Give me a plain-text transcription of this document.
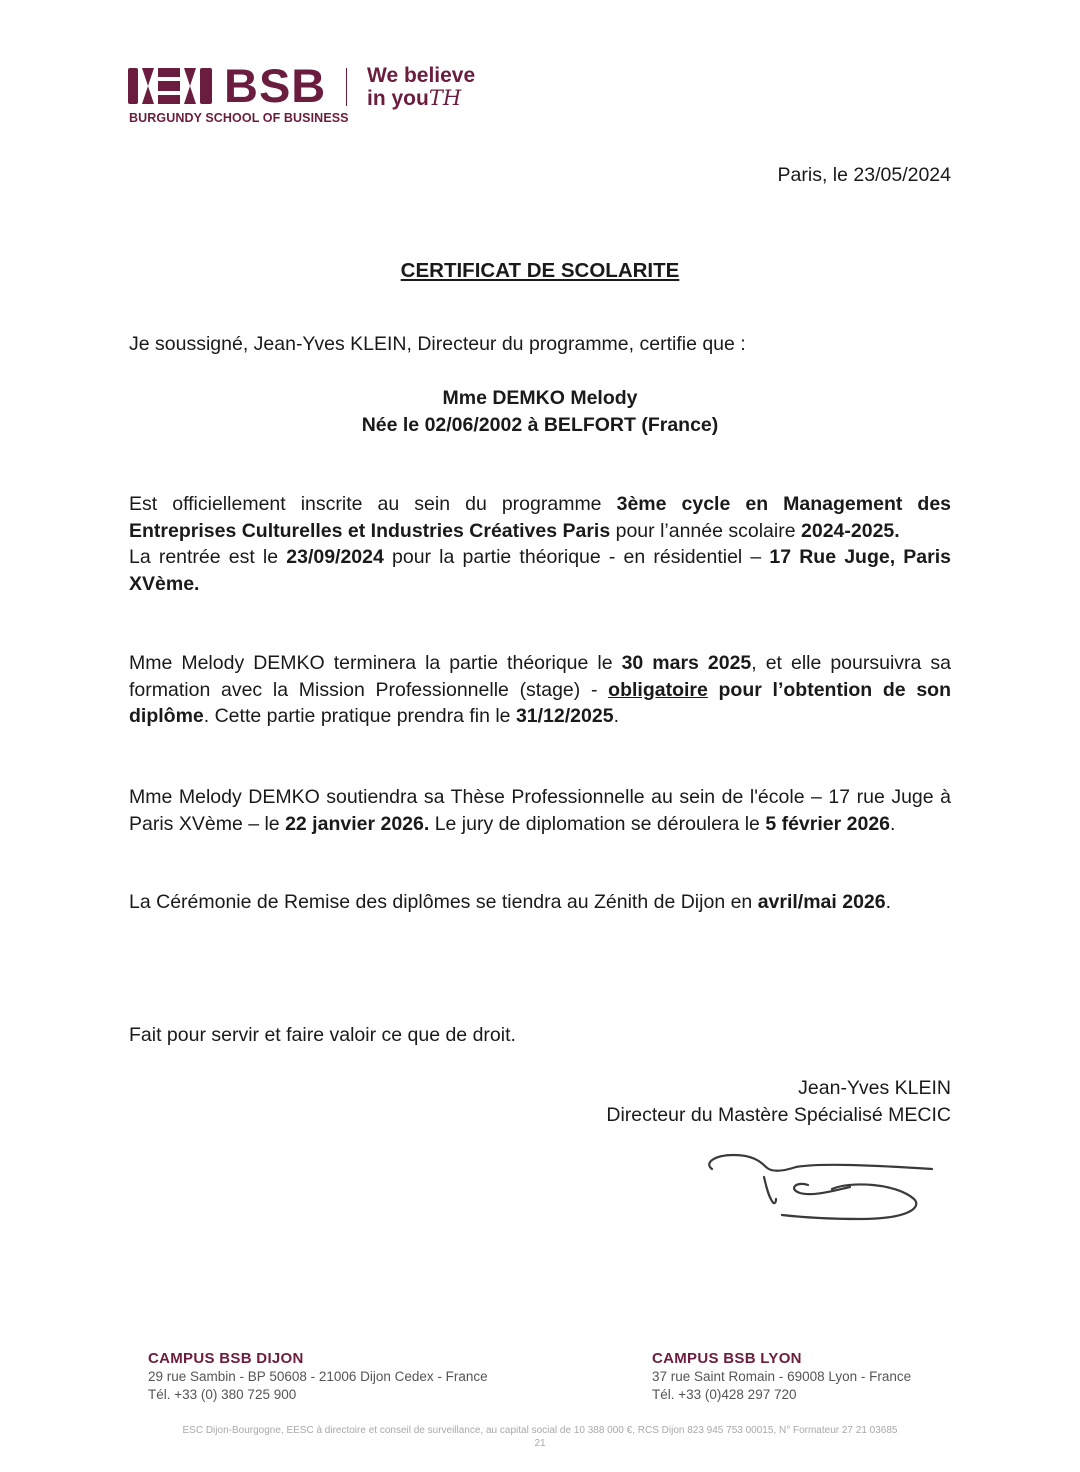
BSB
BURGUNDY SCHOOL OF BUSINESS
We believe
in youTH
Paris, le 23/05/2024
CERTIFICAT DE SCOLARITE
Je soussigné, Jean-Yves KLEIN, Directeur du programme, certifie que :
Mme DEMKO Melody
Née le 02/06/2002 à BELFORT (France)
Est officiellement inscrite au sein du programme 3ème cycle en Management des Entreprises Culturelles et Industries Créatives Paris pour l’année scolaire 2024-2025.
La rentrée est le 23/09/2024 pour la partie théorique - en résidentiel – 17 Rue Juge, Paris XVème.
Mme Melody DEMKO terminera la partie théorique le 30 mars 2025, et elle poursuivra sa formation avec la Mission Professionnelle (stage) - obligatoire pour l’obtention de son diplôme. Cette partie pratique prendra fin le 31/12/2025.
Mme Melody DEMKO soutiendra sa Thèse Professionnelle au sein de l'école – 17 rue Juge à Paris XVème – le 22 janvier 2026. Le jury de diplomation se déroulera le 5 février 2026.
La Cérémonie de Remise des diplômes se tiendra au Zénith de Dijon en avril/mai 2026.
Fait pour servir et faire valoir ce que de droit.
Jean-Yves KLEIN
Directeur du Mastère Spécialisé MECIC
CAMPUS BSB DIJON
29 rue Sambin - BP 50608 - 21006 Dijon Cedex - France
Tél. +33 (0) 380 725 900
CAMPUS BSB LYON
37 rue Saint Romain - 69008 Lyon - France
Tél. +33 (0)428 297 720
ESC Dijon-Bourgogne, EESC à directoire et conseil de surveillance, au capital social de 10 388 000 €, RCS Dijon 823 945 753 00015, N° Formateur 27 21 03685
21
